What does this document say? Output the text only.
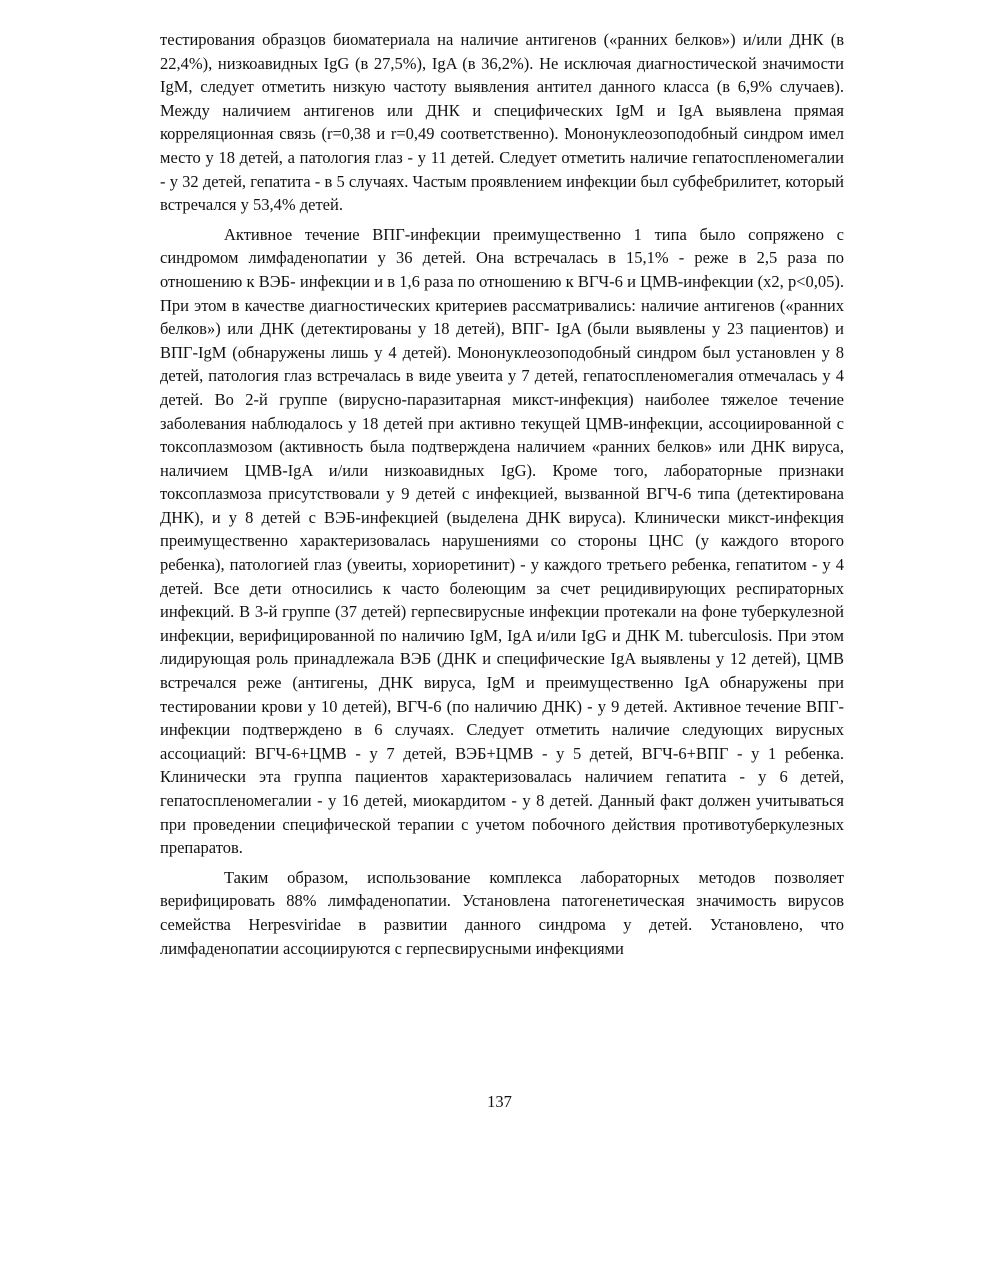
тестирования образцов биоматериала на наличие антигенов («ранних белков») и/или ДНК (в 22,4%), низкоавидных IgG (в 27,5%), IgA (в 36,2%). Не исключая диагностической значимости IgM, следует отметить низкую частоту выявления антител данного класса (в 6,9% случаев). Между наличием антигенов или ДНК и специфических IgM и IgA выявлена прямая корреляционная связь (r=0,38 и r=0,49 соответственно). Мононуклеозоподобный синдром имел место у 18 детей, а патология глаз - у 11 детей. Следует отметить наличие гепатоспленомегалии - у 32 детей, гепатита - в 5 случаях. Частым проявлением инфекции был субфебрилитет, который встречался у 53,4% детей.

Активное течение ВПГ-инфекции преимущественно 1 типа было сопряжено с синдромом лимфаденопатии у 36 детей. Она встречалась в 15,1% - реже в 2,5 раза по отношению к ВЭБ- инфекции и в 1,6 раза по отношению к ВГЧ-6 и ЦМВ-инфекции (x2, p<0,05). При этом в качестве диагностических критериев рассматривались: наличие антигенов («ранних белков») или ДНК (детектированы у 18 детей), ВПГ- IgA (были выявлены у 23 пациентов) и ВПГ-IgM (обнаружены лишь у 4 детей). Мононуклеозоподобный синдром был установлен у 8 детей, патология глаз встречалась в виде увеита у 7 детей, гепатоспленомегалия отмечалась у 4 детей. Во 2-й группе (вирусно-паразитарная микст-инфекция) наиболее тяжелое течение заболевания наблюдалось у 18 детей при активно текущей ЦМВ-инфекции, ассоциированной с токсоплазмозом (активность была подтверждена наличием «ранних белков» или ДНК вируса, наличием ЦМВ-IgA и/или низкоавидных IgG). Кроме того, лабораторные признаки токсоплазмоза присутствовали у 9 детей с инфекцией, вызванной ВГЧ-6 типа (детектирована ДНК), и у 8 детей с ВЭБ-инфекцией (выделена ДНК вируса). Клинически микст-инфекция преимущественно характеризовалась нарушениями со стороны ЦНС (у каждого второго ребенка), патологией глаз (увеиты, хориоретинит) - у каждого третьего ребенка, гепатитом - у 4 детей. Все дети относились к часто болеющим за счет рецидивирующих респираторных инфекций. В 3-й группе (37 детей) герпесвирусные инфекции протекали на фоне туберкулезной инфекции, верифицированной по наличию IgM, IgA и/или IgG и ДНК M. tuberculosis. При этом лидирующая роль принадлежала ВЭБ (ДНК и специфические IgA выявлены у 12 детей), ЦМВ встречался реже (антигены, ДНК вируса, IgM и преимущественно IgA обнаружены при тестировании крови у 10 детей), ВГЧ-6 (по наличию ДНК) - у 9 детей. Активное течение ВПГ-инфекции подтверждено в 6 случаях. Следует отметить наличие следующих вирусных ассоциаций: ВГЧ-6+ЦМВ - у 7 детей, ВЭБ+ЦМВ - у 5 детей, ВГЧ-6+ВПГ - у 1 ребенка. Клинически эта группа пациентов характеризовалась наличием гепатита - у 6 детей, гепатоспленомегалии - у 16 детей, миокардитом - у 8 детей. Данный факт должен учитываться при проведении специфической терапии с учетом побочного действия противотуберкулезных препаратов.

Таким образом, использование комплекса лабораторных методов позволяет верифицировать 88% лимфаденопатии. Установлена патогенетическая значимость вирусов семейства Herpesviridae в развитии данного синдрома у детей. Установлено, что лимфаденопатии ассоциируются с герпесвирусными инфекциями

137
